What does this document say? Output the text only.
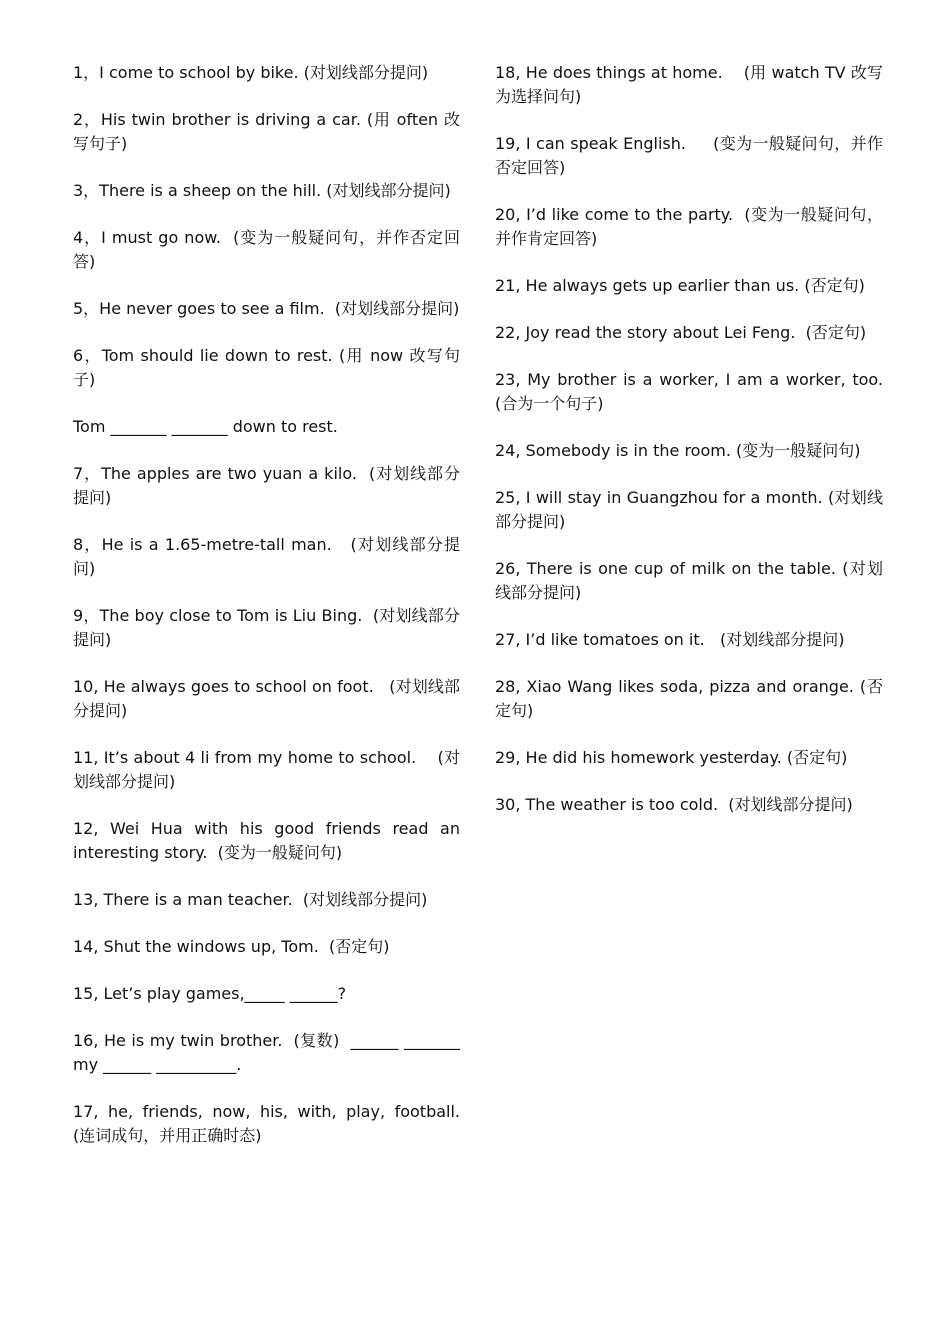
1，I come to school by bike. (对划线部分提问)
2，His twin brother is driving a car. (用 often 改写句子)
3，There is a sheep on the hill. (对划线部分提问)
4，I must go now.  (变为一般疑问句，并作否定回答)
5，He never goes to see a film.  (对划线部分提问)
6，Tom should lie down to rest. (用 now 改写句子)
Tom _______ _______ down to rest.
7，The apples are two yuan a kilo.  (对划线部分提问)
8，He is a 1.65-metre-tall man.   (对划线部分提问)
9，The boy close to Tom is Liu Bing.  (对划线部分提问)
10, He always goes to school on foot.   (对划线部分提问)
11, It’s about 4 li from my home to school.    (对划线部分提问)
12, Wei Hua with his good friends read an interesting story.  (变为一般疑问句)
13, There is a man teacher.  (对划线部分提问)
14, Shut the windows up, Tom.  (否定句)
15, Let’s play games,_____ ______?
16, He is my twin brother.  (复数)  ______ _______ my ______ __________.
17, he, friends, now, his, with, play, football.  (连词成句，并用正确时态)
18, He does things at home.    (用 watch TV 改写为选择问句)
19, I can speak English.     (变为一般疑问句，并作否定回答)
20, I’d like come to the party.  (变为一般疑问句，并作肯定回答)
21, He always gets up earlier than us. (否定句)
22, Joy read the story about Lei Feng.  (否定句)
23, My brother is a worker, I am a worker, too. (合为一个句子)
24, Somebody is in the room. (变为一般疑问句)
25, I will stay in Guangzhou for a month. (对划线部分提问)
26, There is one cup of milk on the table. (对划线部分提问)
27, I’d like tomatoes on it.   (对划线部分提问)
28, Xiao Wang likes soda, pizza and orange. (否定句)
29, He did his homework yesterday. (否定句)
30, The weather is too cold.  (对划线部分提问)
